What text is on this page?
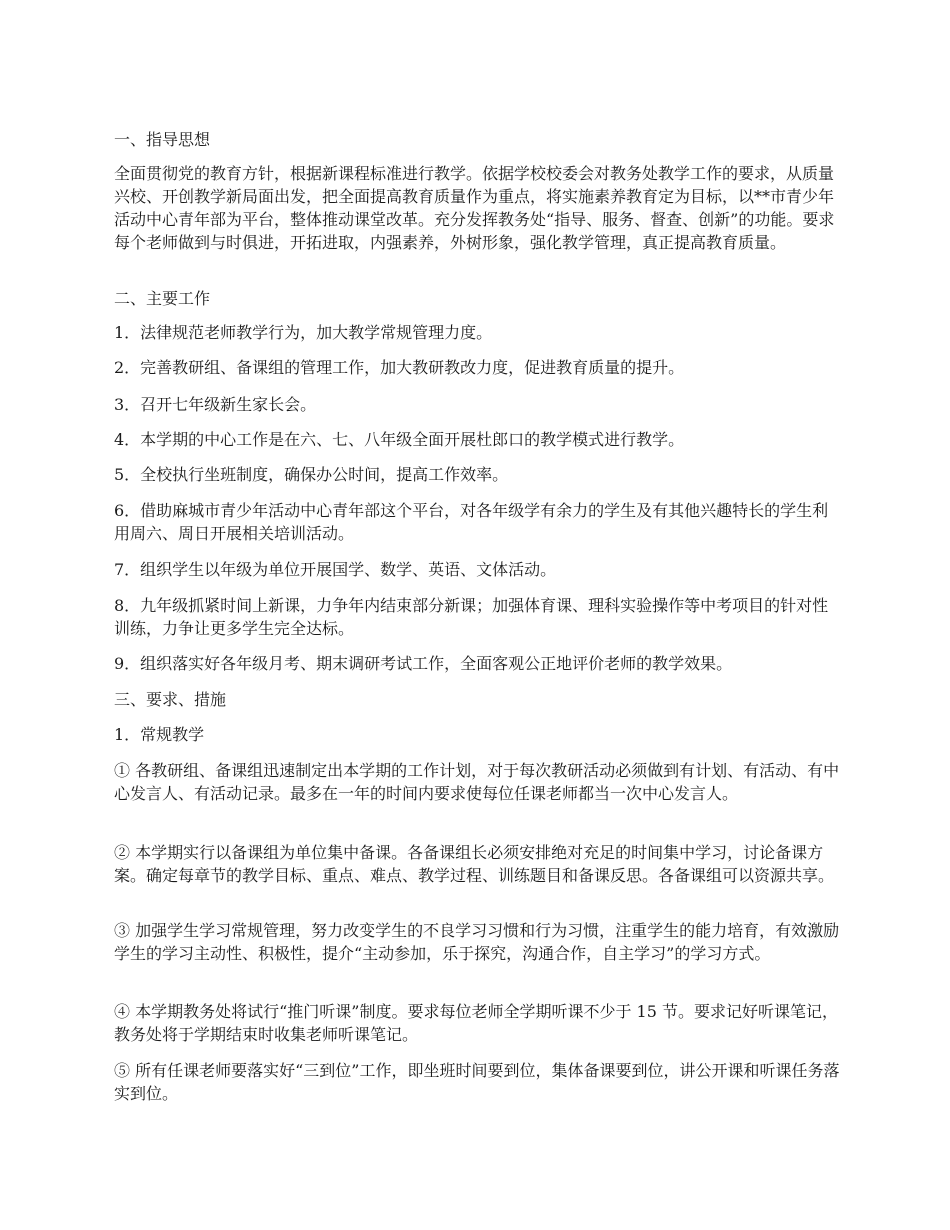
一、指导思想

全面贯彻党的教育方针，根据新课程标准进行教学。依据学校校委会对教务处教学工作的要求，从质量兴校、开创教学新局面出发，把全面提高教育质量作为重点，将实施素养教育定为目标，以**市青少年活动中心青年部为平台，整体推动课堂改革。充分发挥教务处“指导、服务、督查、创新”的功能。要求每个老师做到与时俱进，开拓进取，内强素养，外树形象，强化教学管理，真正提高教育质量。

二、主要工作

1．法律规范老师教学行为，加大教学常规管理力度。

2．完善教研组、备课组的管理工作，加大教研教改力度，促进教育质量的提升。

3．召开七年级新生家长会。

4．本学期的中心工作是在六、七、八年级全面开展杜郎口的教学模式进行教学。

5．全校执行坐班制度，确保办公时间，提高工作效率。

6．借助麻城市青少年活动中心青年部这个平台，对各年级学有余力的学生及有其他兴趣特长的学生利用周六、周日开展相关培训活动。

7．组织学生以年级为单位开展国学、数学、英语、文体活动。

8．九年级抓紧时间上新课，力争年内结束部分新课；加强体育课、理科实验操作等中考项目的针对性训练，力争让更多学生完全达标。

9．组织落实好各年级月考、期末调研考试工作，全面客观公正地评价老师的教学效果。

三、要求、措施

1．常规教学

① 各教研组、备课组迅速制定出本学期的工作计划，对于每次教研活动必须做到有计划、有活动、有中心发言人、有活动记录。最多在一年的时间内要求使每位任课老师都当一次中心发言人。

② 本学期实行以备课组为单位集中备课。各备课组长必须安排绝对充足的时间集中学习，讨论备课方案。确定每章节的教学目标、重点、难点、教学过程、训练题目和备课反思。各备课组可以资源共享。

③ 加强学生学习常规管理，努力改变学生的不良学习习惯和行为习惯，注重学生的能力培育，有效激励学生的学习主动性、积极性，提介“主动参加，乐于探究，沟通合作，自主学习”的学习方式。

④ 本学期教务处将试行“推门听课”制度。要求每位老师全学期听课不少于 15 节。要求记好听课笔记，教务处将于学期结束时收集老师听课笔记。

⑤ 所有任课老师要落实好“三到位”工作，即坐班时间要到位，集体备课要到位，讲公开课和听课任务落实到位。
